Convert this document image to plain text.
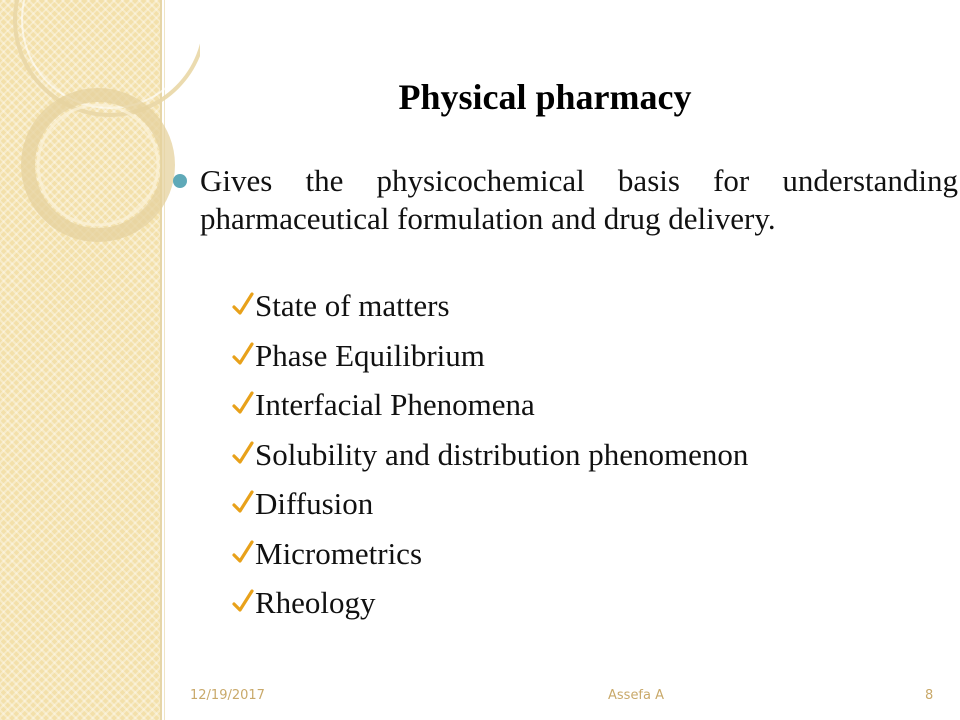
Physical pharmacy
Gives the physicochemical basis for understanding pharmaceutical formulation and drug delivery.
State of matters
Phase Equilibrium
Interfacial Phenomena
Solubility and distribution phenomenon
Diffusion
Micrometrics
Rheology
12/19/2017	Assefa A	8
